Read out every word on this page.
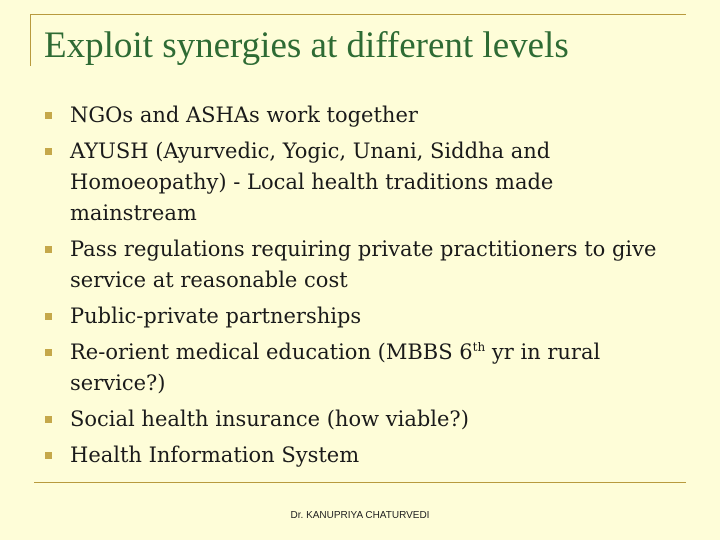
Exploit synergies at different levels
NGOs and ASHAs work together
AYUSH (Ayurvedic, Yogic, Unani, Siddha and Homoeopathy) - Local health traditions made mainstream
Pass regulations requiring private practitioners to give service at reasonable cost
Public-private partnerships
Re-orient medical education (MBBS 6th yr in rural service?)
Social health insurance (how viable?)
Health Information System
Dr. KANUPRIYA CHATURVEDI
